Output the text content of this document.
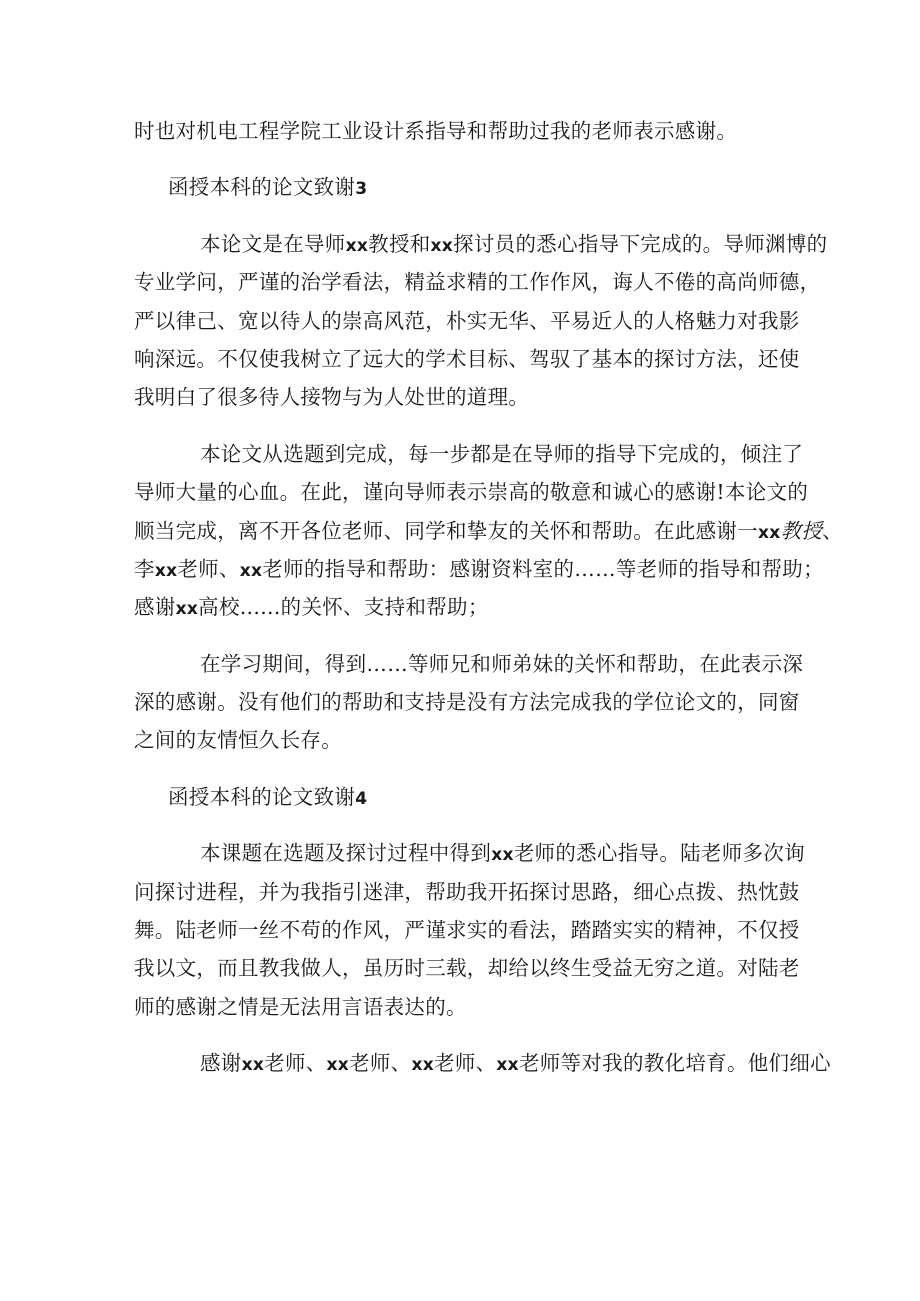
时也对机电工程学院工业设计系指导和帮助过我的老师表示感谢。
函授本科的论文致谢3
本论文是在导师xx教授和xx探讨员的悉心指导下完成的。导师渊博的
专业学问，严谨的治学看法，精益求精的工作作风，诲人不倦的高尚师德，
严以律己、宽以待人的崇高风范，朴实无华、平易近人的人格魅力对我影
响深远。不仅使我树立了远大的学术目标、驾驭了基本的探讨方法，还使
我明白了很多待人接物与为人处世的道理。
本论文从选题到完成，每一步都是在导师的指导下完成的，倾注了
导师大量的心血。在此，谨向导师表示崇高的敬意和诚心的感谢!本论文的
顺当完成，离不开各位老师、同学和挚友的关怀和帮助。在此感谢一xx教授、
李xx老师、xx老师的指导和帮助：感谢资料室的……等老师的指导和帮助；
感谢xx高校......的关怀、支持和帮助；
在学习期间，得到……等师兄和师弟妹的关怀和帮助，在此表示深
深的感谢。没有他们的帮助和支持是没有方法完成我的学位论文的，同窗
之间的友情恒久长存。
函授本科的论文致谢4
本课题在选题及探讨过程中得到xx老师的悉心指导。陆老师多次询
问探讨进程，并为我指引迷津，帮助我开拓探讨思路，细心点拨、热忱鼓
舞。陆老师一丝不苟的作风，严谨求实的看法，踏踏实实的精神，不仅授
我以文，而且教我做人，虽历时三载，却给以终生受益无穷之道。对陆老
师的感谢之情是无法用言语表达的。
感谢xx老师、xx老师、xx老师、xx老师等对我的教化培育。他们细心
